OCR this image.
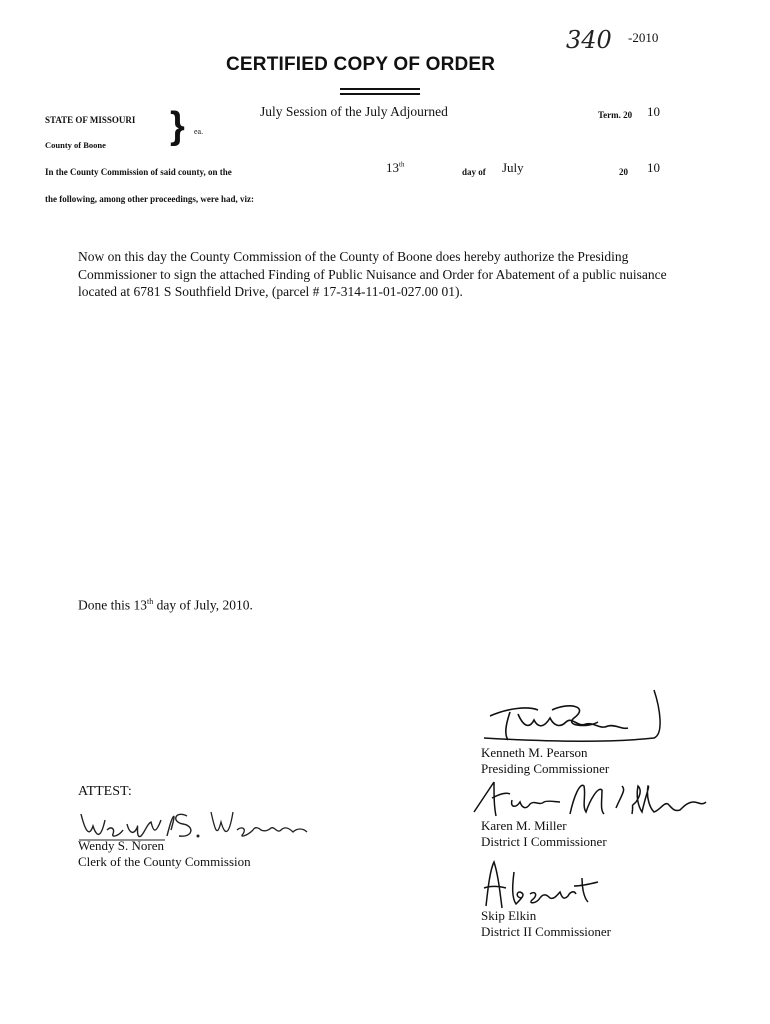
340 -2010
CERTIFIED COPY OF ORDER
STATE OF MISSOURI
County of Boone } ea.
July Session of the July Adjourned	Term. 20 10
In the County Commission of said county, on the	13th
day of July	20 10
the following, among other proceedings, were had, viz:
Now on this day the County Commission of the County of Boone does hereby authorize the Presiding Commissioner to sign the attached Finding of Public Nuisance and Order for Abatement of a public nuisance located at 6781 S Southfield Drive, (parcel # 17-314-11-01-027.00 01).
Done this 13th day of July, 2010.
ATTEST:
Wendy S. Noren
Clerk of the County Commission
Kenneth M. Pearson
Presiding Commissioner
Karen M. Miller
District I Commissioner
Skip Elkin
District II Commissioner
